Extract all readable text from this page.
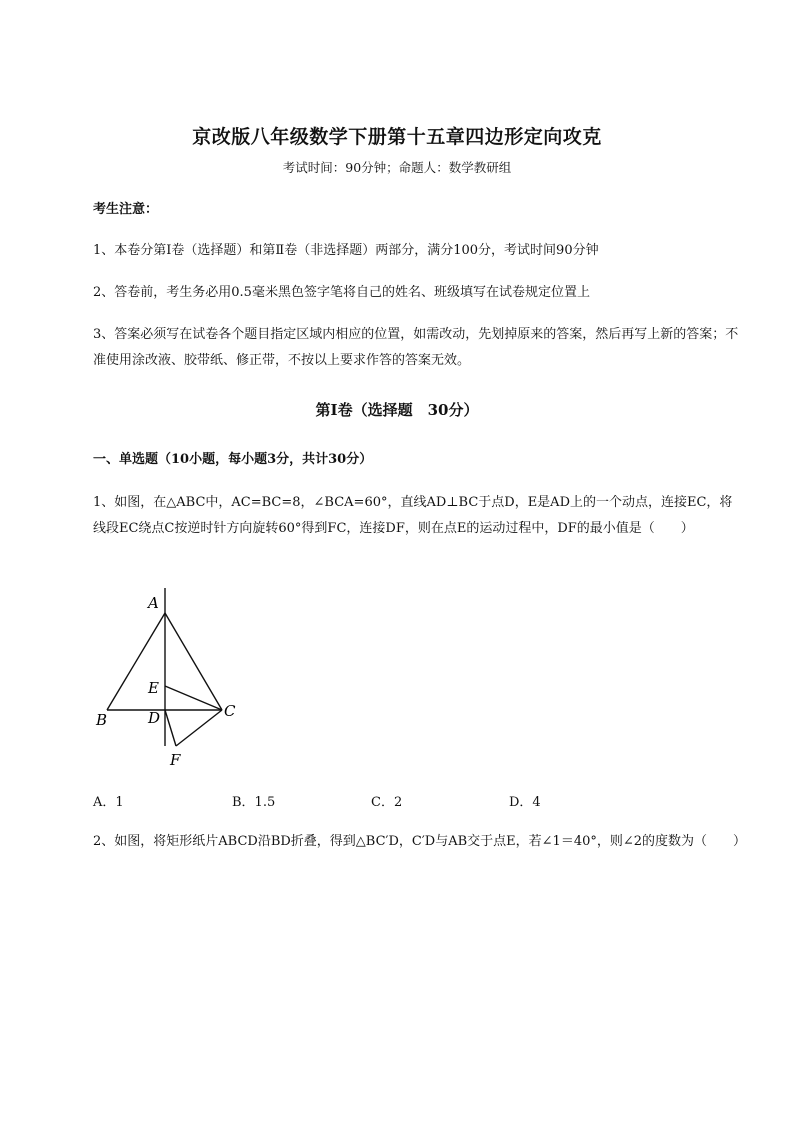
京改版八年级数学下册第十五章四边形定向攻克
考试时间：90分钟；命题人：数学教研组
考生注意：
1、本卷分第I卷（选择题）和第Ⅱ卷（非选择题）两部分，满分100分，考试时间90分钟
2、答卷前，考生务必用0.5毫米黑色签字笔将自己的姓名、班级填写在试卷规定位置上
3、答案必须写在试卷各个题目指定区域内相应的位置，如需改动，先划掉原来的答案，然后再写上新的答案；不准使用涂改液、胶带纸、修正带，不按以上要求作答的答案无效。
第I卷（选择题　30分）
一、单选题（10小题，每小题3分，共计30分）
1、如图，在△ABC中，AC=BC=8，∠BCA=60°，直线AD⊥BC于点D，E是AD上的一个动点，连接EC，将线段EC绕点C按逆时针方向旋转60°得到FC，连接DF，则在点E的运动过程中，DF的最小值是（　　）
A
E
B	D	C
F
A．1	B．1.5	C．2	D．4
2、如图，将矩形纸片ABCD沿BD折叠，得到△BC′D，C′D与AB交于点E，若∠1＝40°，则∠2的度数为（　　）
